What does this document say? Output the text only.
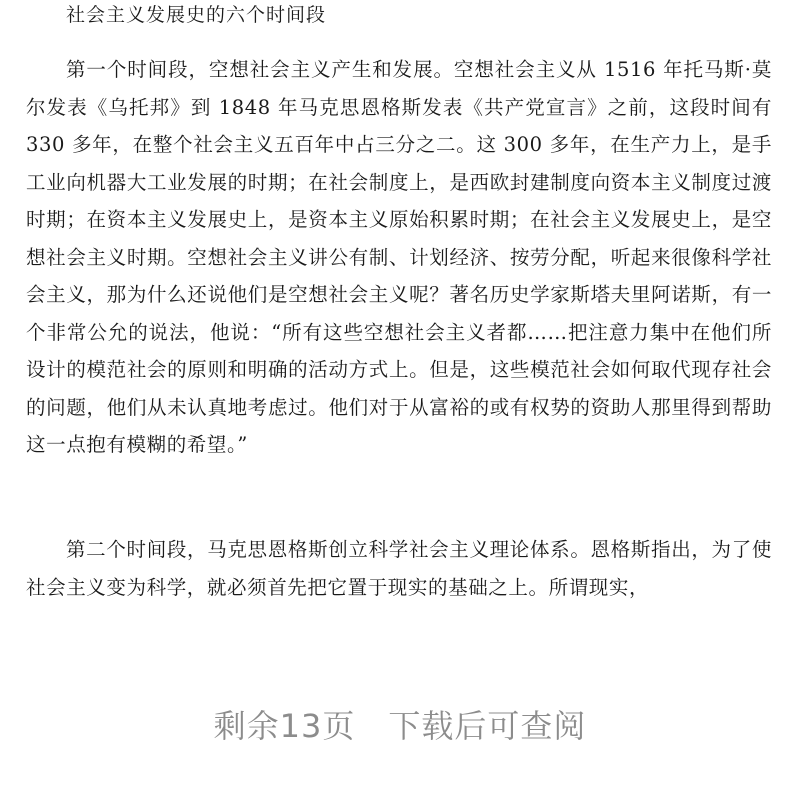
社会主义发展史的六个时间段

第一个时间段，空想社会主义产生和发展。空想社会主义从 1516 年托马斯·莫尔发表《乌托邦》到 1848 年马克思恩格斯发表《共产党宣言》之前，这段时间有 330 多年，在整个社会主义五百年中占三分之二。这 300 多年，在生产力上，是手工业向机器大工业发展的时期；在社会制度上，是西欧封建制度向资本主义制度过渡时期；在资本主义发展史上，是资本主义原始积累时期；在社会主义发展史上，是空想社会主义时期。空想社会主义讲公有制、计划经济、按劳分配，听起来很像科学社会主义，那为什么还说他们是空想社会主义呢？著名历史学家斯塔夫里阿诺斯，有一个非常公允的说法，他说：“所有这些空想社会主义者都……把注意力集中在他们所设计的模范社会的原则和明确的活动方式上。但是，这些模范社会如何取代现存社会的问题，他们从未认真地考虑过。他们对于从富裕的或有权势的资助人那里得到帮助这一点抱有模糊的希望。”

第二个时间段，马克思恩格斯创立科学社会主义理论体系。恩格斯指出，为了使社会主义变为科学，就必须首先把它置于现实的基础之上。所谓现实，

剩余13页　下载后可查阅
